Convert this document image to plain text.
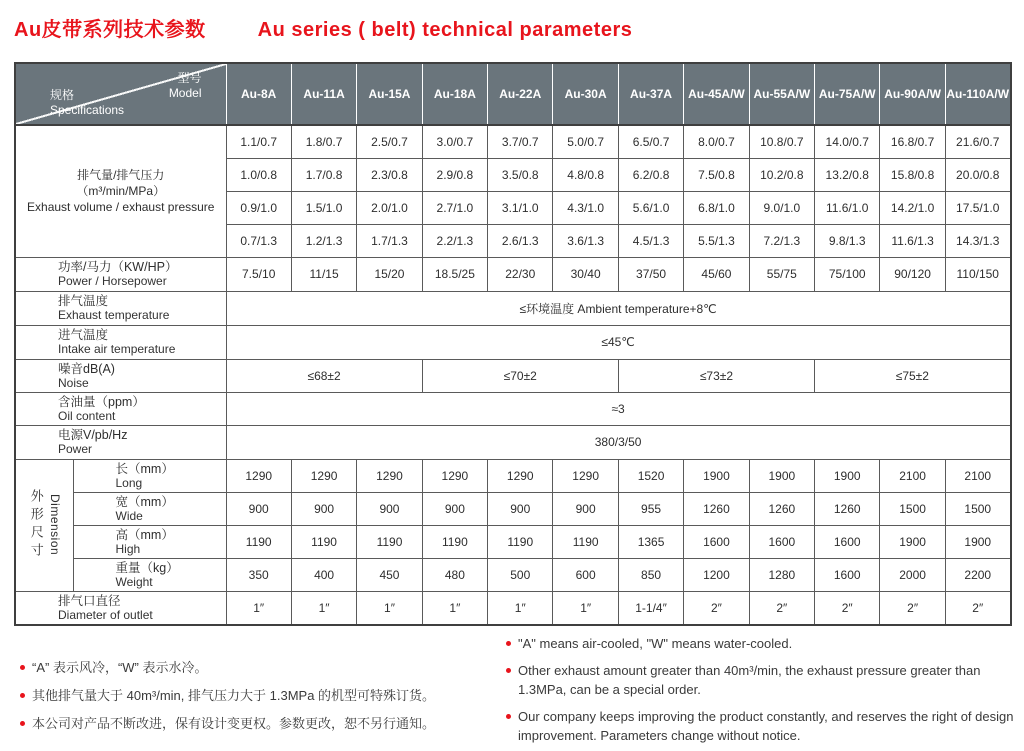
Au皮带系列技术参数	Au series ( belt) technical parameters
型号
Model
规格
Specifications		Au-8A	Au-11A	Au-15A	Au-18A	Au-22A	Au-30A	Au-37A	Au-45A/W	Au-55A/W	Au-75A/W	Au-90A/W	Au-110A/W

排气量/排气压力
（m³/min/MPa）
Exhaust volume / exhaust pressure		1.1/0.7	1.8/0.7	2.5/0.7	3.0/0.7	3.7/0.7	5.0/0.7	6.5/0.7	8.0/0.7	10.8/0.7	14.0/0.7	16.8/0.7	21.6/0.7
		1.0/0.8	1.7/0.8	2.3/0.8	2.9/0.8	3.5/0.8	4.8/0.8	6.2/0.8	7.5/0.8	10.2/0.8	13.2/0.8	15.8/0.8	20.0/0.8
		0.9/1.0	1.5/1.0	2.0/1.0	2.7/1.0	3.1/1.0	4.3/1.0	5.6/1.0	6.8/1.0	9.0/1.0	11.6/1.0	14.2/1.0	17.5/1.0
		0.7/1.3	1.2/1.3	1.7/1.3	2.2/1.3	2.6/1.3	3.6/1.3	4.5/1.3	5.5/1.3	7.2/1.3	9.8/1.3	11.6/1.3	14.3/1.3

功率/马力（KW/HP）
Power / Horsepower		7.5/10	11/15	15/20	18.5/25	22/30	30/40	37/50	45/60	55/75	75/100	90/120	110/150

排气温度
Exhaust temperature		≤环境温度 Ambient temperature+8℃											

进气温度
Intake air temperature		≤45℃											

噪音dB(A)
Noise		≤68±2			≤70±2			≤73±2			≤75±2		

含油量（ppm）
Oil content		≈3											

电源V/pb/Hz
Power		380/3/50											

外形尺寸 Dimension

长（mm）
Long	1290	1290	1290	1290	1290	1290	1520	1900	1900	1900	2100	2100

	宽（mm）
Wide	900	900	900	900	900	900	955	1260	1260	1260	1500	1500

	高（mm）
High	1190	1190	1190	1190	1190	1190	1365	1600	1600	1600	1900	1900

	重量（kg）
Weight	350	400	450	480	500	600	850	1200	1280	1600	2000	2200

排气口直径
Diameter of outlet		1″	1″	1″	1″	1″	1″	1-1/4″	2″	2″	2″	2″	2″
“A” 表示风冷，“W” 表示水冷。
其他排气量大于 40m³/min, 排气压力大于 1.3MPa 的机型可特殊订货。
本公司对产品不断改进，保有设计变更权。参数更改，恕不另行通知。
"A" means air-cooled, "W" means water-cooled.
Other exhaust amount greater than 40m³/min, the exhaust pressure greater than 1.3MPa, can be a special order.
Our company keeps improving the product constantly, and reserves the right of design improvement. Parameters change without notice.
